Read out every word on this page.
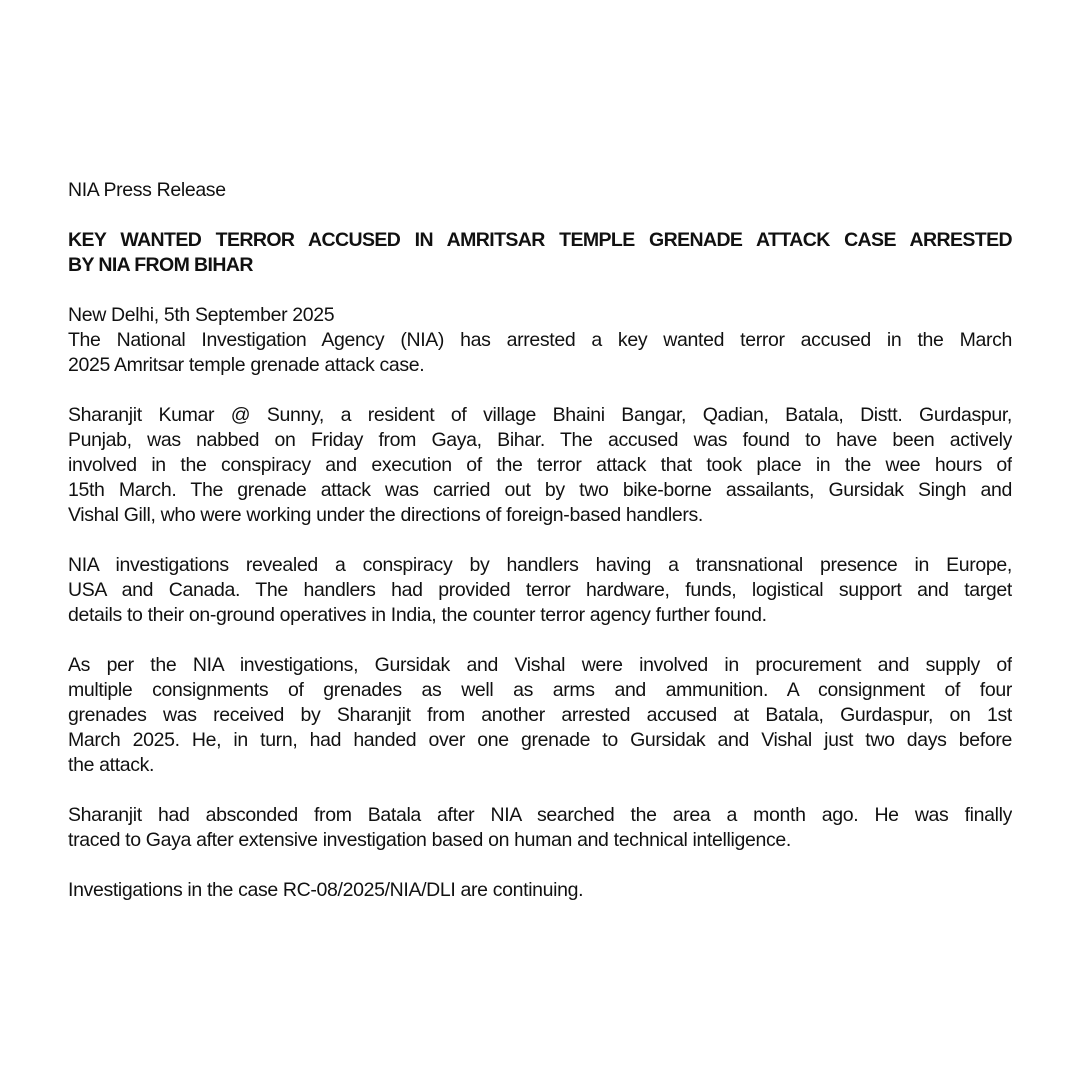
NIA Press Release
KEY WANTED TERROR ACCUSED IN AMRITSAR TEMPLE GRENADE ATTACK CASE ARRESTED
BY NIA FROM BIHAR
New Delhi, 5th September 2025
The National Investigation Agency (NIA) has arrested a key wanted terror accused in the March
2025 Amritsar temple grenade attack case.
Sharanjit Kumar @ Sunny, a resident of village Bhaini Bangar, Qadian, Batala, Distt. Gurdaspur,
Punjab, was nabbed on Friday from Gaya, Bihar. The accused was found to have been actively
involved in the conspiracy and execution of the terror attack that took place in the wee hours of
15th March. The grenade attack was carried out by two bike-borne assailants, Gursidak Singh and
Vishal Gill, who were working under the directions of foreign-based handlers.
NIA investigations revealed a conspiracy by handlers having a transnational presence in Europe,
USA and Canada. The handlers had provided terror hardware, funds, logistical support and target
details to their on-ground operatives in India, the counter terror agency further found.
As per the NIA investigations, Gursidak and Vishal were involved in procurement and supply of
multiple consignments of grenades as well as arms and ammunition. A consignment of four
grenades was received by Sharanjit from another arrested accused at Batala, Gurdaspur, on 1st
March 2025. He, in turn, had handed over one grenade to Gursidak and Vishal just two days before
the attack.
Sharanjit had absconded from Batala after NIA searched the area a month ago. He was finally
traced to Gaya after extensive investigation based on human and technical intelligence.
Investigations in the case RC-08/2025/NIA/DLI are continuing.
